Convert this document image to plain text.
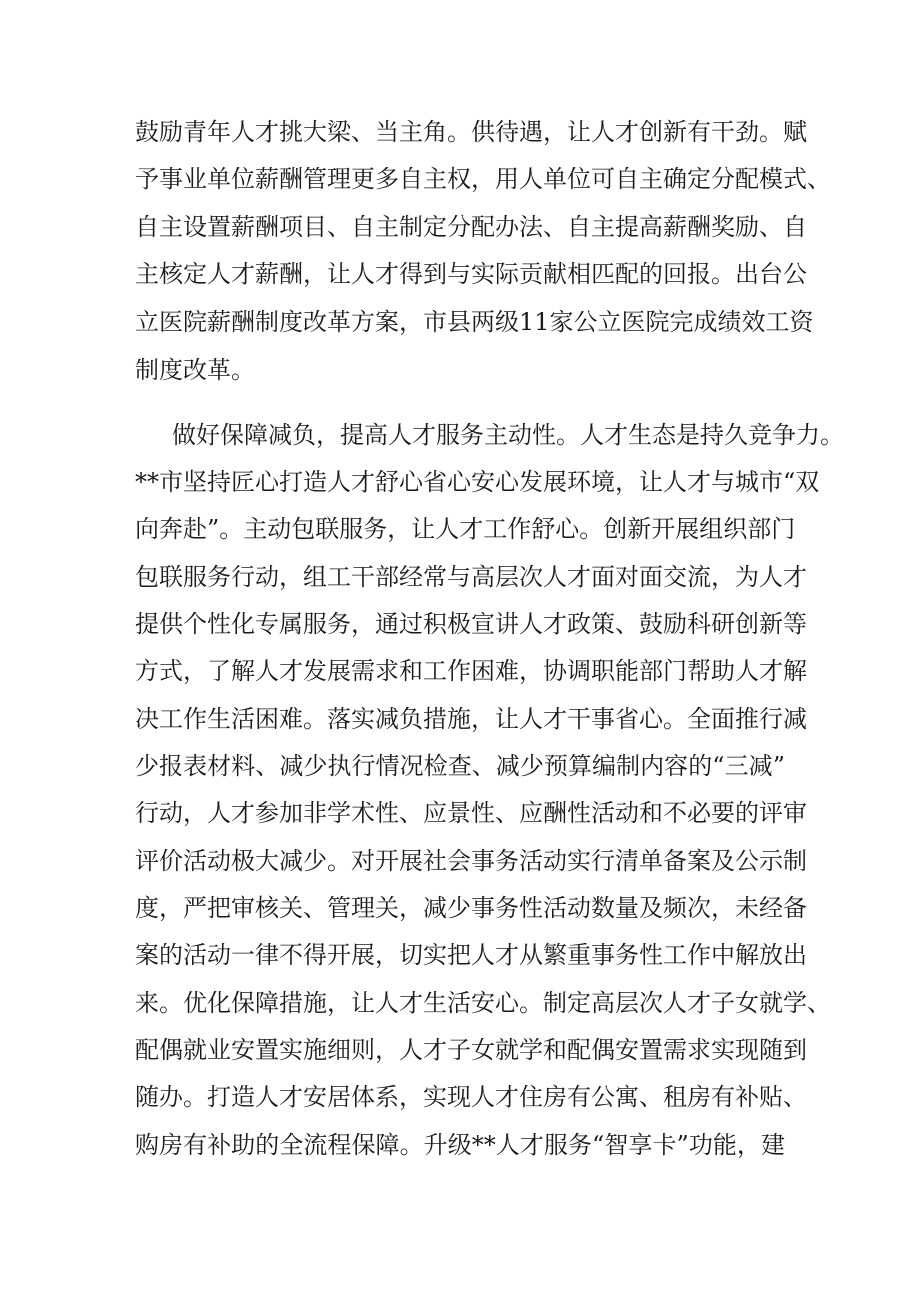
鼓励青年人才挑大梁、当主角。供待遇，让人才创新有干劲。赋

予事业单位薪酬管理更多自主权，用人单位可自主确定分配模式、

自主设置薪酬项目、自主制定分配办法、自主提高薪酬奖励、自

主核定人才薪酬，让人才得到与实际贡献相匹配的回报。出台公

立医院薪酬制度改革方案，市县两级11家公立医院完成绩效工资

制度改革。

做好保障减负，提高人才服务主动性。人才生态是持久竞争力。

**市坚持匠心打造人才舒心省心安心发展环境，让人才与城市“双

向奔赴”。主动包联服务，让人才工作舒心。创新开展组织部门

包联服务行动，组工干部经常与高层次人才面对面交流，为人才

提供个性化专属服务，通过积极宣讲人才政策、鼓励科研创新等

方式，了解人才发展需求和工作困难，协调职能部门帮助人才解

决工作生活困难。落实减负措施，让人才干事省心。全面推行减

少报表材料、减少执行情况检查、减少预算编制内容的“三减”

行动，人才参加非学术性、应景性、应酬性活动和不必要的评审

评价活动极大减少。对开展社会事务活动实行清单备案及公示制

度，严把审核关、管理关，减少事务性活动数量及频次，未经备

案的活动一律不得开展，切实把人才从繁重事务性工作中解放出

来。优化保障措施，让人才生活安心。制定高层次人才子女就学、

配偶就业安置实施细则，人才子女就学和配偶安置需求实现随到

随办。打造人才安居体系，实现人才住房有公寓、租房有补贴、

购房有补助的全流程保障。升级**人才服务“智享卡”功能，建
